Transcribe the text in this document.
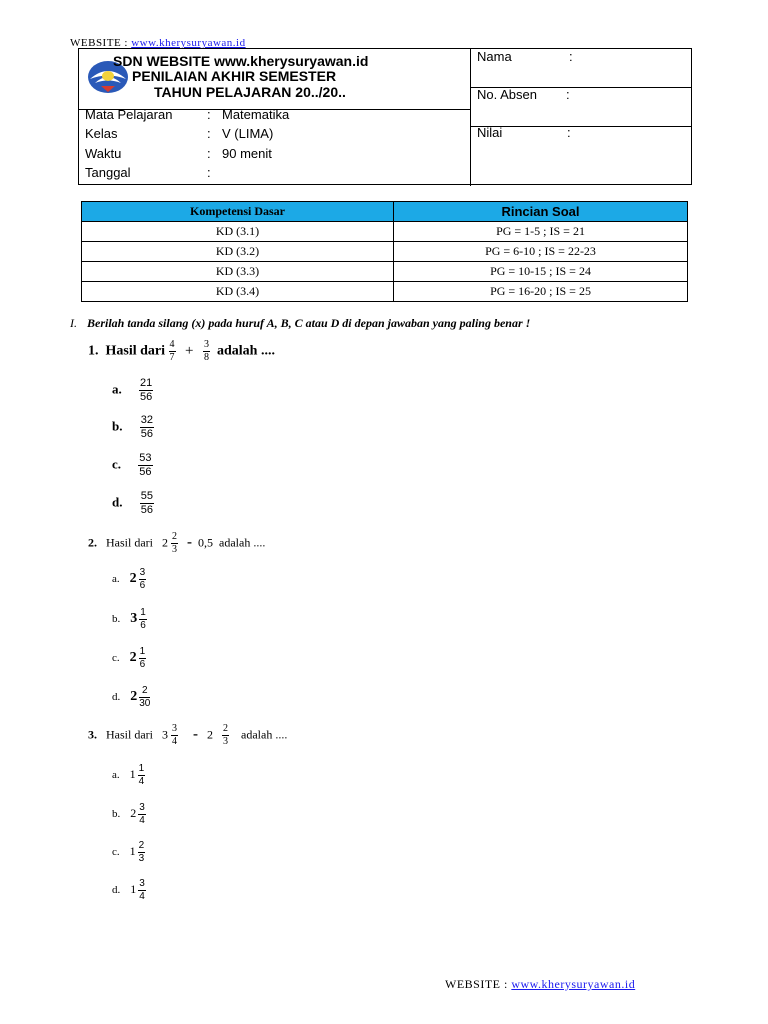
WEBSITE : www.kherysuryawan.id
SDN WEBSITE www.kherysuryawan.id
PENILAIAN AKHIR SEMESTER
TAHUN PELAJARAN 20../20..
Mata Pelajaran	: Matematika
Kelas	: V (LIMA)
Waktu	: 90 menit
Tanggal	:
Nama	:
No. Absen :
Nilai	:
Kompetensi Dasar	Rincian Soal
KD (3.1)	PG = 1-5 ; IS = 21
KD (3.2)	PG = 6-10 ; IS = 22-23
KD (3.3)	PG = 10-15 ; IS = 24
KD (3.4)	PG = 16-20 ; IS = 25
I. Berilah tanda silang (x) pada huruf A, B, C atau D di depan jawaban yang paling benar !
1. Hasil dari $\frac{4}{7} + \frac{3}{8}$ adalah ....
a. $\frac{21}{56}$
b. $\frac{32}{56}$
c. $\frac{53}{56}$
d. $\frac{55}{56}$
2. Hasil dari $2 \frac{2}{3} - 0,5$ adalah ....
a. $2 \frac{3}{6}$
b. $3 \frac{1}{6}$
c. $2 \frac{1}{6}$
d. $2 \frac{2}{30}$
3. Hasil dari $3 \frac{3}{4} - 2 \frac{2}{3}$ adalah ....
a. $1 \frac{1}{4}$
b. $2 \frac{3}{4}$
c. $1 \frac{2}{3}$
d. $1 \frac{3}{4}$
WEBSITE : www.kherysuryawan.id
